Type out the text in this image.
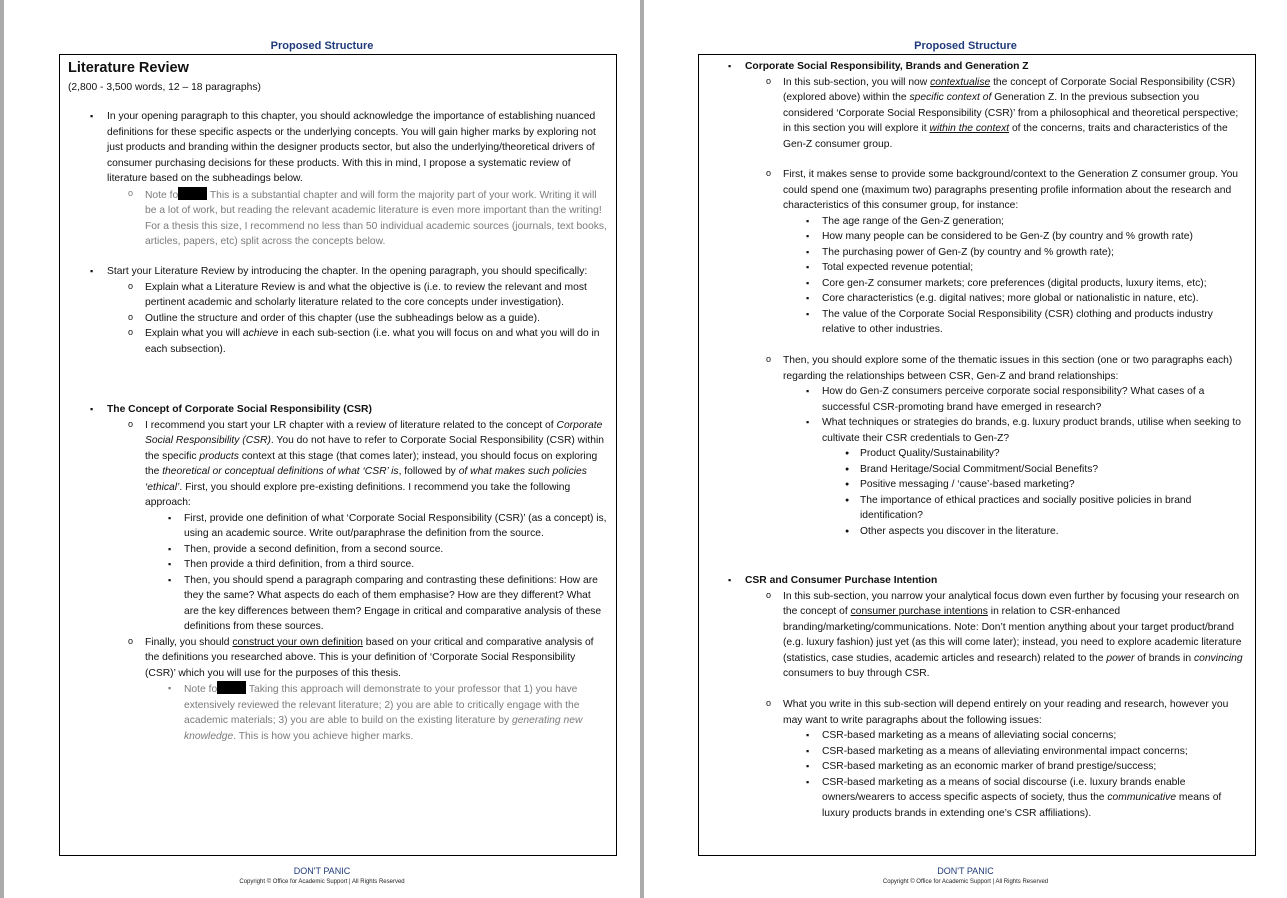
Proposed Structure
Literature Review
(2,800 - 3,500 words, 12 – 18 paragraphs)
▪ In your opening paragraph to this chapter, you should acknowledge the importance of establishing nuanced definitions for these specific aspects or the underlying concepts. You will gain higher marks by exploring not just products and branding within the designer products sector, but also the underlying/theoretical drivers of consumer purchasing decisions for these products. With this in mind, I propose a systematic review of literature based on the subheadings below.
o Note fo	This is a substantial chapter and will form the majority part of your work. Writing it will be a lot of work, but reading the relevant academic literature is even more important than the writing! For a thesis this size, I recommend no less than 50 individual academic sources (journals, text books, articles, papers, etc) split across the concepts below.
▪ Start your Literature Review by introducing the chapter. In the opening paragraph, you should specifically:
o Explain what a Literature Review is and what the objective is (i.e. to review the relevant and most pertinent academic and scholarly literature related to the core concepts under investigation).
o Outline the structure and order of this chapter (use the subheadings below as a guide).
o Explain what you will achieve in each sub-section (i.e. what you will focus on and what you will do in each subsection).
▪ The Concept of Corporate Social Responsibility (CSR)
o I recommend you start your LR chapter with a review of literature related to the concept of Corporate Social Responsibility (CSR). You do not have to refer to Corporate Social Responsibility (CSR) within the specific products context at this stage (that comes later); instead, you should focus on exploring the theoretical or conceptual definitions of what ‘CSR’ is, followed by of what makes such policies ‘ethical’. First, you should explore pre-existing definitions. I recommend you take the following approach:
▪ First, provide one definition of what ‘Corporate Social Responsibility (CSR)’ (as a concept) is, using an academic source. Write out/paraphrase the definition from the source.
▪ Then, provide a second definition, from a second source.
▪ Then provide a third definition, from a third source.
▪ Then, you should spend a paragraph comparing and contrasting these definitions: How are they the same? What aspects do each of them emphasise? How are they different? What are the key differences between them? Engage in critical and comparative analysis of these definitions from these sources.
o Finally, you should construct your own definition based on your critical and comparative analysis of the definitions you researched above. This is your definition of ‘Corporate Social Responsibility (CSR)’ which you will use for the purposes of this thesis.
▪ Note fo	Taking this approach will demonstrate to your professor that 1) you have extensively reviewed the relevant literature; 2) you are able to critically engage with the academic materials; 3) you are able to build on the existing literature by generating new knowledge. This is how you achieve higher marks.
DON'T PANIC
Copyright © Office for Academic Support | All Rights Reserved
Proposed Structure
▪ Corporate Social Responsibility, Brands and Generation Z
o In this sub-section, you will now contextualise the concept of Corporate Social Responsibility (CSR) (explored above) within the specific context of Generation Z. In the previous subsection you considered ‘Corporate Social Responsibility (CSR)’ from a philosophical and theoretical perspective; in this section you will explore it within the context of the concerns, traits and characteristics of the Gen-Z consumer group.
o First, it makes sense to provide some background/context to the Generation Z consumer group. You could spend one (maximum two) paragraphs presenting profile information about the research and characteristics of this consumer group, for instance:
▪ The age range of the Gen-Z generation;
▪ How many people can be considered to be Gen-Z (by country and % growth rate)
▪ The purchasing power of Gen-Z (by country and % growth rate);
▪ Total expected revenue potential;
▪ Core gen-Z consumer markets; core preferences (digital products, luxury items, etc);
▪ Core characteristics (e.g. digital natives; more global or nationalistic in nature, etc).
▪ The value of the Corporate Social Responsibility (CSR) clothing and products industry relative to other industries.
o Then, you should explore some of the thematic issues in this section (one or two paragraphs each) regarding the relationships between CSR, Gen-Z and brand relationships:
▪ How do Gen-Z consumers perceive corporate social responsibility? What cases of a successful CSR-promoting brand have emerged in research?
▪ What techniques or strategies do brands, e.g. luxury product brands, utilise when seeking to cultivate their CSR credentials to Gen-Z?
● Product Quality/Sustainability?
● Brand Heritage/Social Commitment/Social Benefits?
● Positive messaging / ‘cause’-based marketing?
● The importance of ethical practices and socially positive policies in brand identification?
● Other aspects you discover in the literature.
▪ CSR and Consumer Purchase Intention
o In this sub-section, you narrow your analytical focus down even further by focusing your research on the concept of consumer purchase intentions in relation to CSR-enhanced branding/marketing/communications. Note: Don’t mention anything about your target product/brand (e.g. luxury fashion) just yet (as this will come later); instead, you need to explore academic literature (statistics, case studies, academic articles and research) related to the power of brands in convincing consumers to buy through CSR.
o What you write in this sub-section will depend entirely on your reading and research, however you may want to write paragraphs about the following issues:
▪ CSR-based marketing as a means of alleviating social concerns;
▪ CSR-based marketing as a means of alleviating environmental impact concerns;
▪ CSR-based marketing as an economic marker of brand prestige/success;
▪ CSR-based marketing as a means of social discourse (i.e. luxury brands enable owners/wearers to access specific aspects of society, thus the communicative means of luxury products brands in extending one’s CSR affiliations).
DON'T PANIC
Copyright © Office for Academic Support | All Rights Reserved
